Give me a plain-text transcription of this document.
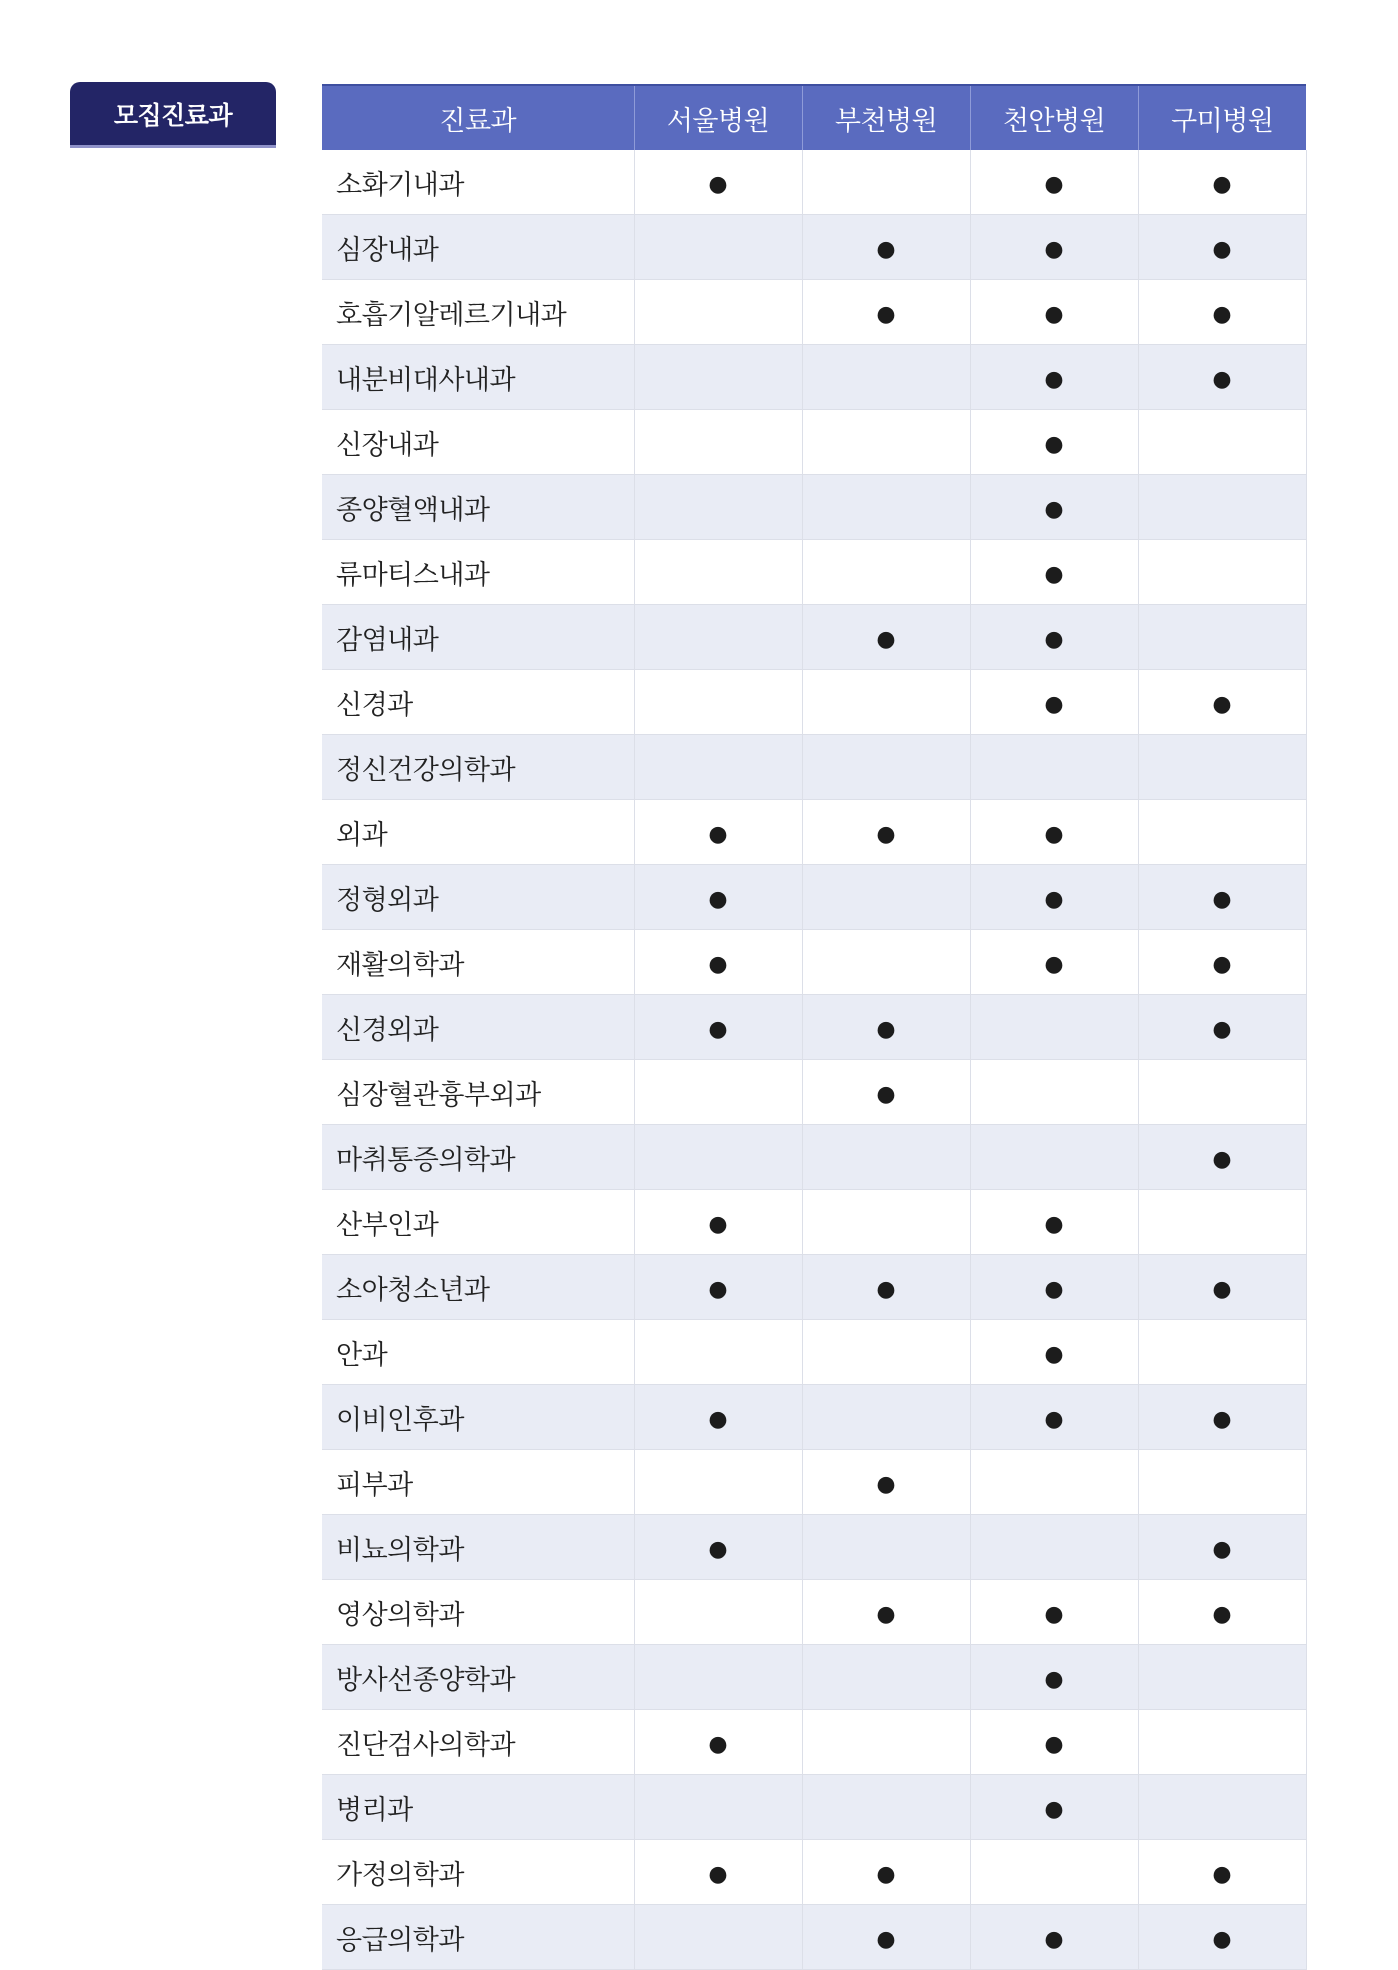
모집진료과	진료과	서울병원	부천병원	천안병원	구미병원
소화기내과	●		●	●
심장내과		●	●	●
호흡기알레르기내과		●	●	●
내분비대사내과			●	●
신장내과			●	
종양혈액내과			●	
류마티스내과			●	
감염내과		●	●	
신경과			●	●
정신건강의학과				
외과	●	●	●	
정형외과	●		●	●
재활의학과	●		●	●
신경외과	●	●		●
심장혈관흉부외과		●		
마취통증의학과				●
산부인과	●		●	
소아청소년과	●	●	●	●
안과			●	
이비인후과	●		●	●
피부과		●		
비뇨의학과	●			●
영상의학과		●	●	●
방사선종양학과			●	
진단검사의학과	●		●	
병리과			●	
가정의학과	●	●		●
응급의학과		●	●	●
